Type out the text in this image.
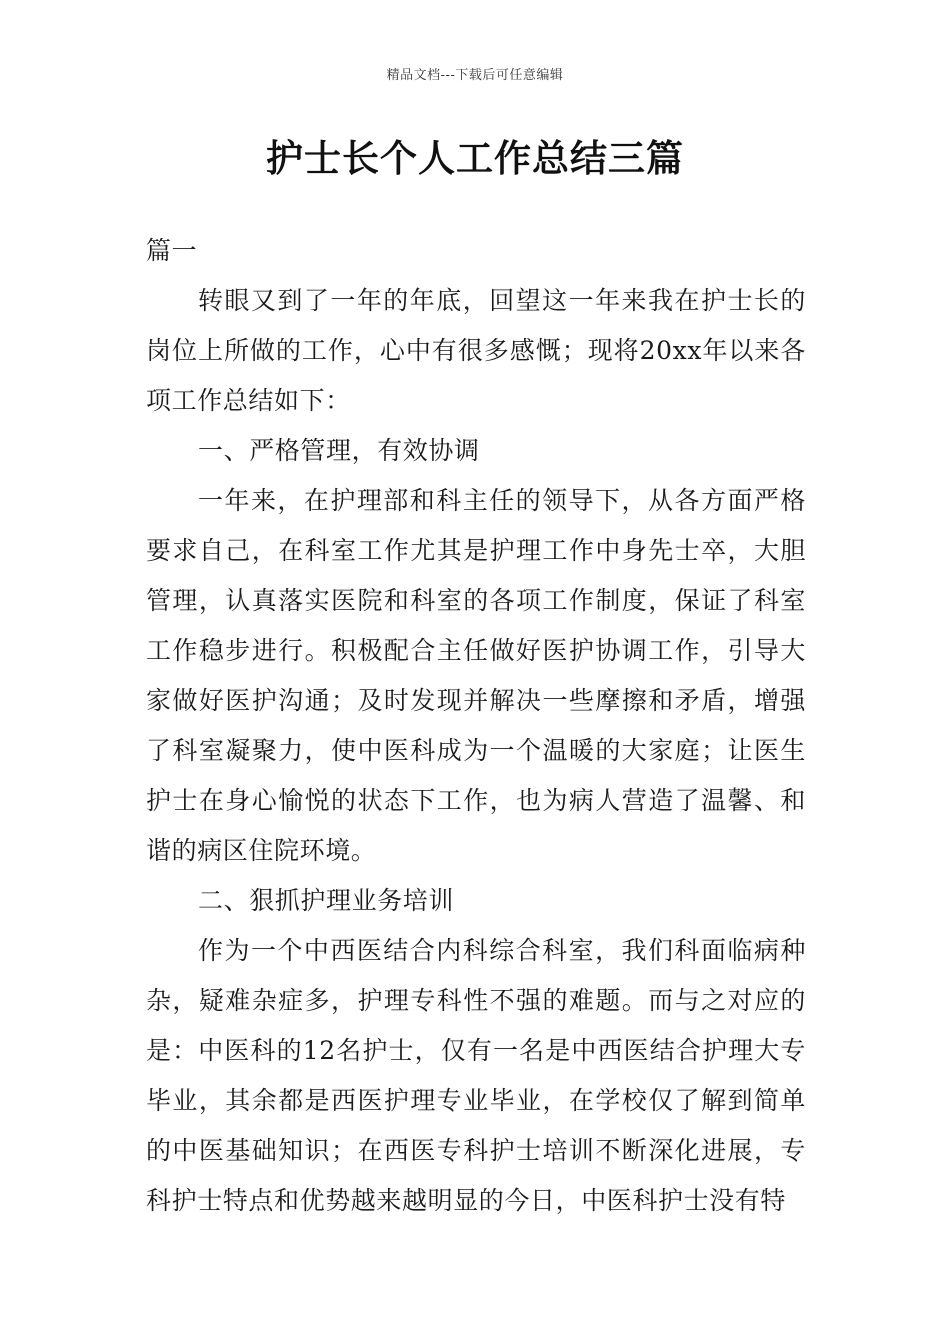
精品文档---下载后可任意编辑
护士长个人工作总结三篇

篇一

转眼又到了一年的年底，回望这一年来我在护士长的岗位上所做的工作，心中有很多感慨；现将20xx年以来各项工作总结如下：

一、严格管理，有效协调

一年来，在护理部和科主任的领导下，从各方面严格要求自己，在科室工作尤其是护理工作中身先士卒，大胆管理，认真落实医院和科室的各项工作制度，保证了科室工作稳步进行。积极配合主任做好医护协调工作，引导大家做好医护沟通；及时发现并解决一些摩擦和矛盾，增强了科室凝聚力，使中医科成为一个温暖的大家庭；让医生护士在身心愉悦的状态下工作，也为病人营造了温馨、和谐的病区住院环境。

二、狠抓护理业务培训

作为一个中西医结合内科综合科室，我们科面临病种杂，疑难杂症多，护理专科性不强的难题。而与之对应的是：中医科的12名护士，仅有一名是中西医结合护理大专毕业，其余都是西医护理专业毕业，在学校仅了解到简单的中医基础知识；在西医专科护士培训不断深化进展，专科护士特点和优势越来越明显的今日，中医科护士没有特
